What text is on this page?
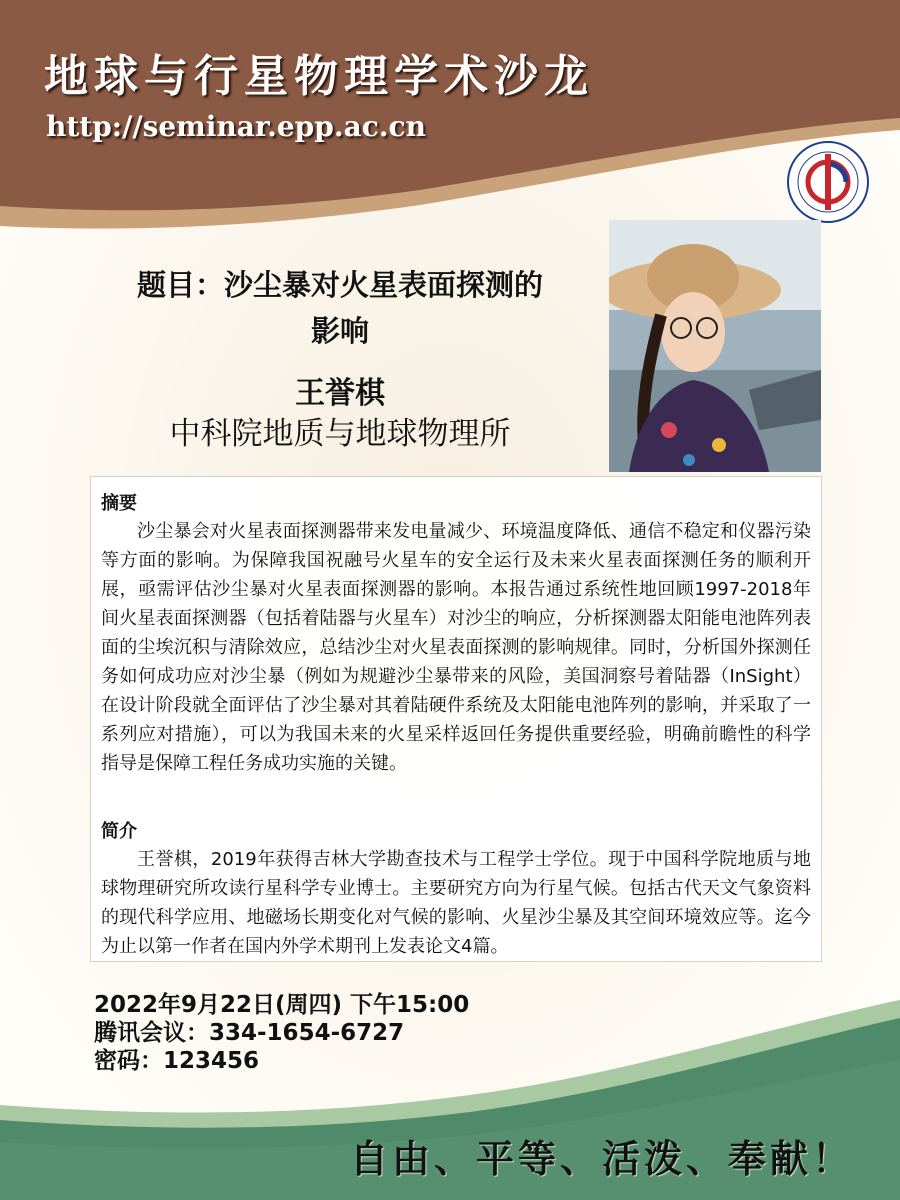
地球与行星物理学术沙龙
http://seminar.epp.ac.cn
题目：沙尘暴对火星表面探测的
影响
王誉棋
中科院地质与地球物理所
摘要

沙尘暴会对火星表面探测器带来发电量减少、环境温度降低、通信不稳定和仪器污染等方面的影响。为保障我国祝融号火星车的安全运行及未来火星表面探测任务的顺利开展，亟需评估沙尘暴对火星表面探测器的影响。本报告通过系统性地回顾1997-2018年间火星表面探测器（包括着陆器与火星车）对沙尘的响应，分析探测器太阳能电池阵列表面的尘埃沉积与清除效应，总结沙尘对火星表面探测的影响规律。同时，分析国外探测任务如何成功应对沙尘暴（例如为规避沙尘暴带来的风险，美国洞察号着陆器（InSight）在设计阶段就全面评估了沙尘暴对其着陆硬件系统及太阳能电池阵列的影响，并采取了一系列应对措施），可以为我国未来的火星采样返回任务提供重要经验，明确前瞻性的科学指导是保障工程任务成功实施的关键。

简介

王誉棋，2019年获得吉林大学勘查技术与工程学士学位。现于中国科学院地质与地球物理研究所攻读行星科学专业博士。主要研究方向为行星气候。包括古代天文气象资料的现代科学应用、地磁场长期变化对气候的影响、火星沙尘暴及其空间环境效应等。迄今为止以第一作者在国内外学术期刊上发表论文4篇。

2022年9月22日(周四) 下午15:00
腾讯会议：334-1654-6727
密码：123456
自由、平等、活泼、奉献！
